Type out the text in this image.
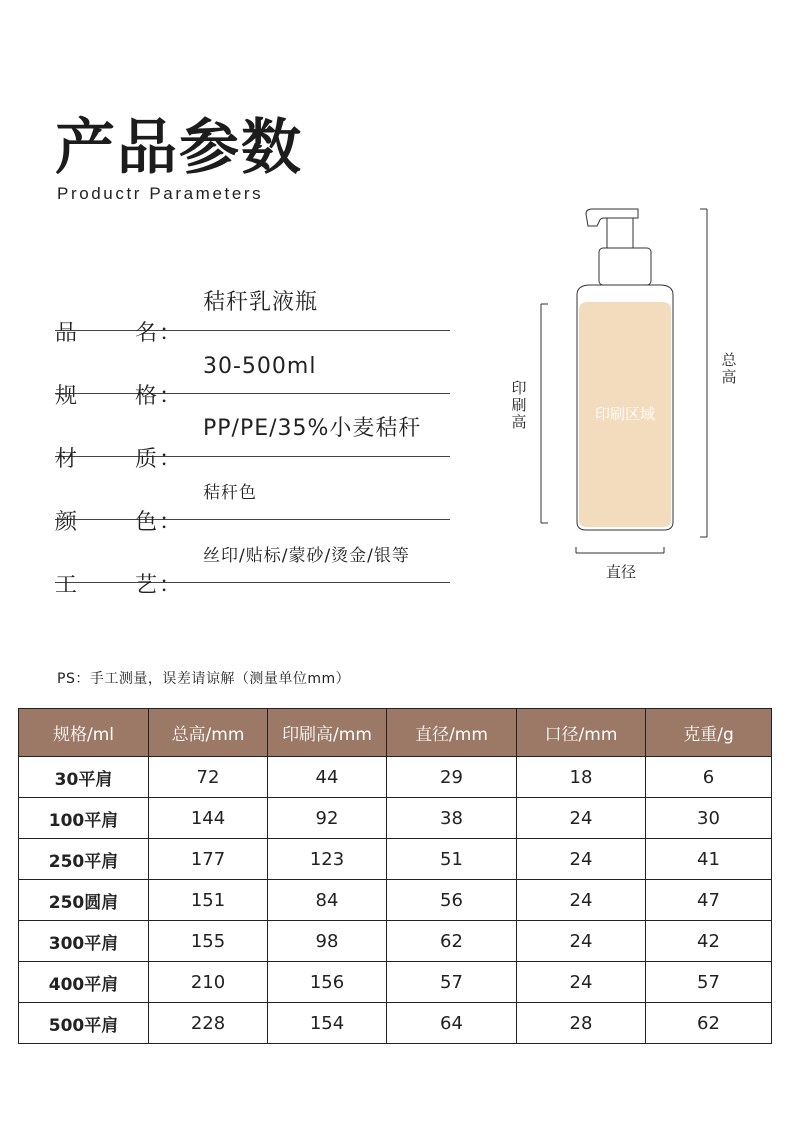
产品参数
Productr Parameters
品	名 ：
秸秆乳液瓶
规	格 ：
30-500ml
材	质 ：
PP/PE/35%小麦秸秆
颜	色 ：
秸秆色
工	艺 ：
丝印/贴标/蒙砂/烫金/银等
印刷区域
印
刷
高
总
高
直径
PS：手工测量，误差请谅解（测量单位mm）
规格/ml	总高/mm	印刷高/mm	直径/mm	口径/mm	克重/g
30平肩	72	44	29	18	6
100平肩	144	92	38	24	30
250平肩	177	123	51	24	41
250圆肩	151	84	56	24	47
300平肩	155	98	62	24	42
400平肩	210	156	57	24	57
500平肩	228	154	64	28	62
